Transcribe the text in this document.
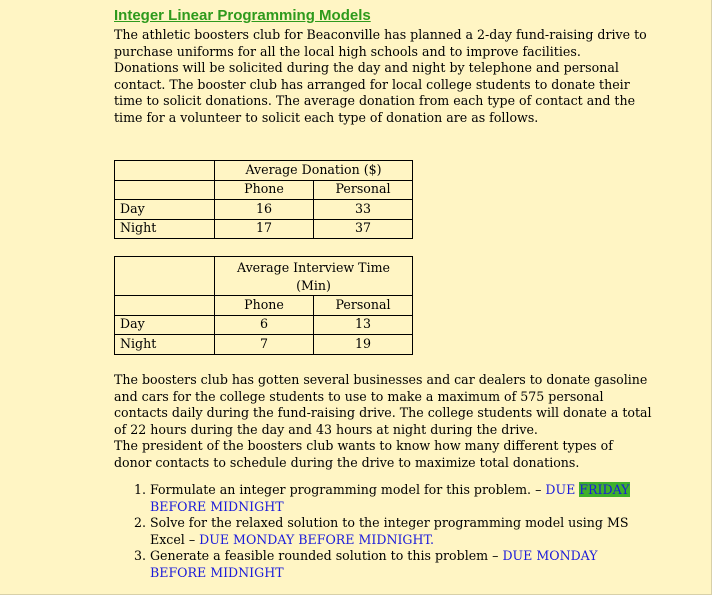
Integer Linear Programming Models

The athletic boosters club for Beaconville has planned a 2-day fund-raising drive to purchase uniforms for all the local high schools and to improve facilities. Donations will be solicited during the day and night by telephone and personal contact. The booster club has arranged for local college students to donate their time to solicit donations. The average donation from each type of contact and the time for a volunteer to solicit each type of donation are as follows.

	Average Donation ($)	
	Phone	Personal
Day	16	33
Night	17	37

	Average Interview Time (Min)	

	Phone	Personal
Day	6	13
Night	7	19

The boosters club has gotten several businesses and car dealers to donate gasoline and cars for the college students to use to make a maximum of 575 personal contacts daily during the fund-raising drive. The college students will donate a total of 22 hours during the day and 43 hours at night during the drive.

The president of the boosters club wants to know how many different types of donor contacts to schedule during the drive to maximize total donations.

1. Formulate an integer programming model for this problem. – DUE FRIDAY BEFORE MIDNIGHT
2. Solve for the relaxed solution to the integer programming model using MS Excel – DUE MONDAY BEFORE MIDNIGHT.
3. Generate a feasible rounded solution to this problem – DUE MONDAY BEFORE MIDNIGHT
